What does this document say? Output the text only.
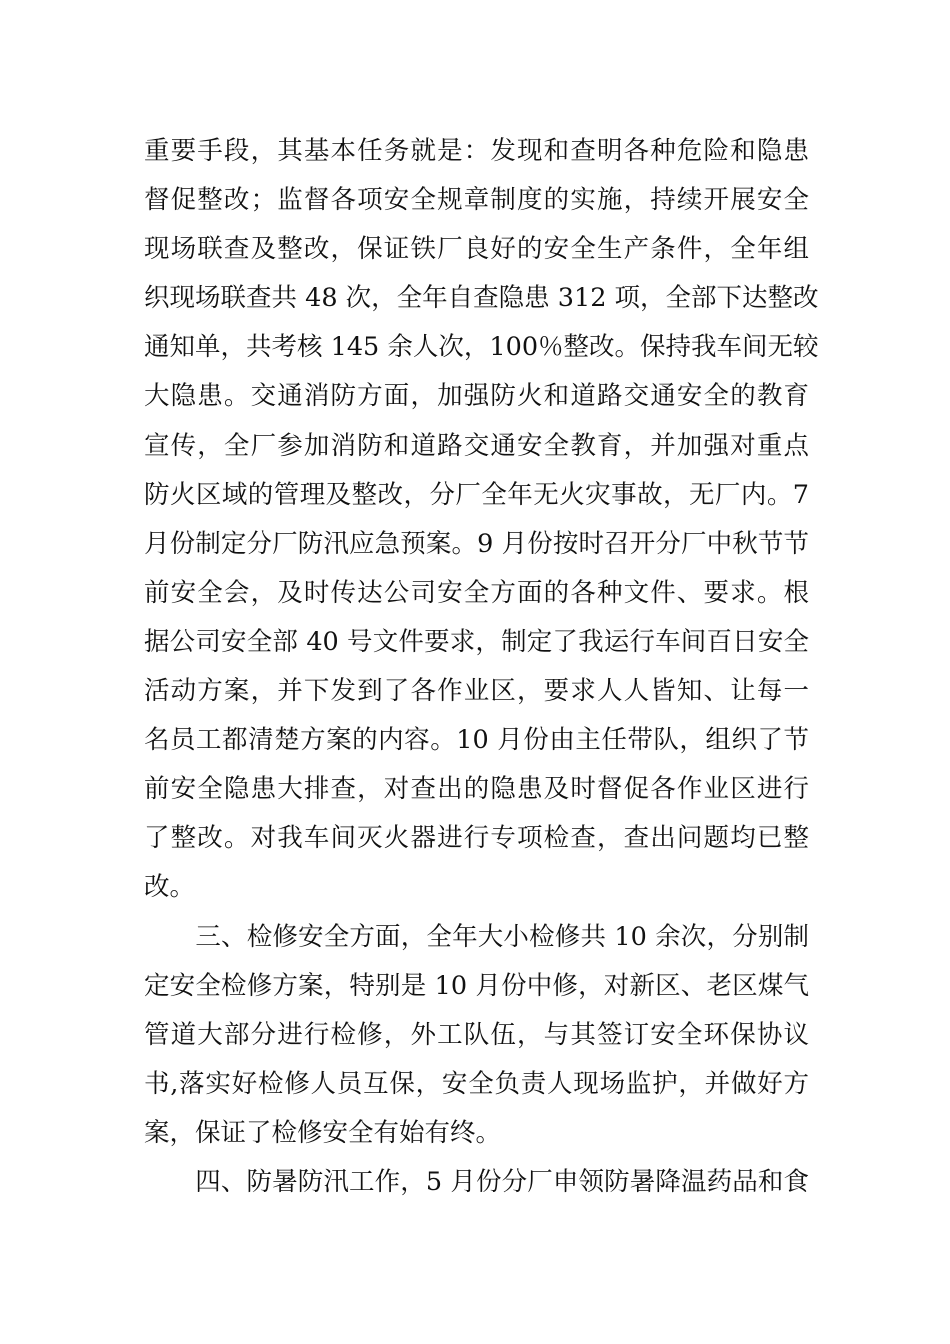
重要手段，其基本任务就是：发现和查明各种危险和隐患
督促整改；监督各项安全规章制度的实施，持续开展安全
现场联查及整改，保证铁厂良好的安全生产条件，全年组
织现场联查共 48 次，全年自查隐患 312 项，全部下达整改
通知单，共考核 145 余人次，100％整改。保持我车间无较
大隐患。交通消防方面，加强防火和道路交通安全的教育
宣传，全厂参加消防和道路交通安全教育，并加强对重点
防火区域的管理及整改，分厂全年无火灾事故，无厂内。7
月份制定分厂防汛应急预案。9 月份按时召开分厂中秋节节
前安全会，及时传达公司安全方面的各种文件、要求。根
据公司安全部 40 号文件要求，制定了我运行车间百日安全
活动方案，并下发到了各作业区，要求人人皆知、让每一
名员工都清楚方案的内容。10 月份由主任带队，组织了节
前安全隐患大排查，对查出的隐患及时督促各作业区进行
了整改。对我车间灭火器进行专项检查，查出问题均已整
改。
　　三、检修安全方面，全年大小检修共 10 余次，分别制
定安全检修方案，特别是 10 月份中修，对新区、老区煤气
管道大部分进行检修，外工队伍，与其签订安全环保协议
书,落实好检修人员互保，安全负责人现场监护，并做好方
案，保证了检修安全有始有终。
　　四、防暑防汛工作，5 月份分厂申领防暑降温药品和食
